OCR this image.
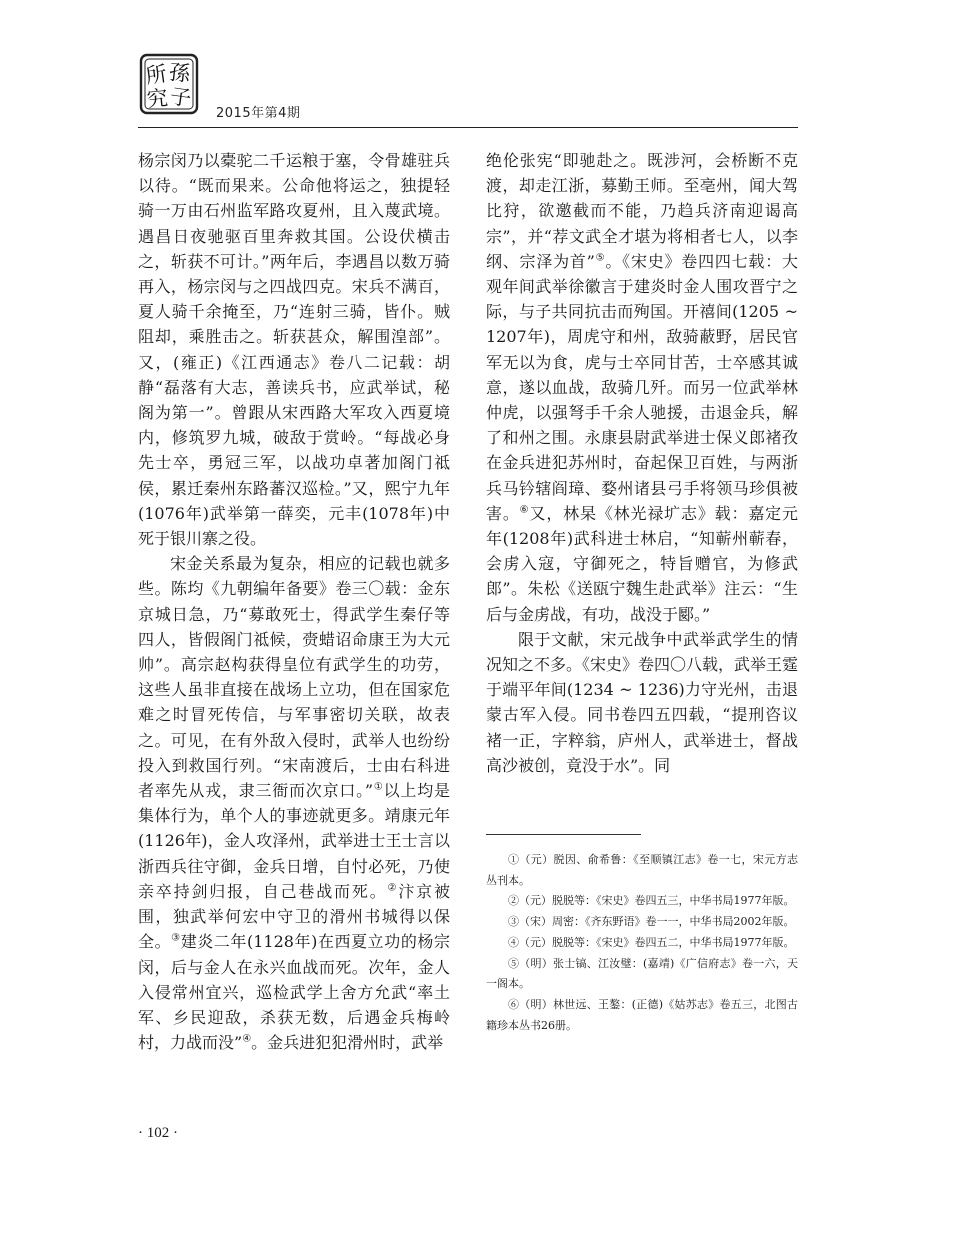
所 孫
究 子
2015年第4期

杨宗闵乃以橐驼二千运粮于塞，令骨雄驻兵以待。“既而果来。公命他将运之，独提轻骑一万由石州监军路攻夏州，且入蔑武境。遇昌日夜驰驱百里奔救其国。公设伏横击之，斩获不可计。”两年后，李遇昌以数万骑再入，杨宗闵与之四战四克。宋兵不满百，夏人骑千余掩至，乃“连射三骑，皆仆。贼阻却，乘胜击之。斩获甚众，解围湟部”。又，(雍正)《江西通志》卷八二记载：胡静“磊落有大志，善读兵书，应武举试，秘阁为第一”。曾跟从宋西路大军攻入西夏境内，修筑罗九城，破敌于赏岭。“每战必身先士卒，勇冠三军，以战功卓著加阁门祗侯，累迁秦州东路蕃汉巡检。”又，熙宁九年(1076年)武举第一薛奕，元丰(1078年)中死于银川寨之役。

宋金关系最为复杂，相应的记载也就多些。陈均《九朝编年备要》卷三〇载：金东京城日急，乃“募敢死士，得武学生秦仔等四人，皆假阁门祗候，赍蜡诏命康王为大元帅”。高宗赵构获得皇位有武学生的功劳，这些人虽非直接在战场上立功，但在国家危难之时冒死传信，与军事密切关联，故表之。可见，在有外敌入侵时，武举人也纷纷投入到救国行列。“宋南渡后，士由右科进者率先从戎，隶三衙而次京口。”①以上均是集体行为，单个人的事迹就更多。靖康元年(1126年)，金人攻泽州，武举进士王士言以浙西兵往守御，金兵日增，自忖必死，乃使亲卒持剑归报，自己巷战而死。②汴京被围，独武举何宏中守卫的滑州书城得以保全。③建炎二年(1128年)在西夏立功的杨宗闵，后与金人在永兴血战而死。次年，金人入侵常州宜兴，巡检武学上舍方允武“率土军、乡民迎敌，杀获无数，后遇金兵梅岭村，力战而没”④。金兵进犯犯滑州时，武举

绝伦张宪“即驰赴之。既涉河，会桥断不克渡，却走江浙，募勤王师。至亳州，闻大驾比狩，欲邀截而不能，乃趋兵济南迎谒高宗”，并“荐文武全才堪为将相者七人，以李纲、宗泽为首”⑤。《宋史》卷四四七载：大观年间武举徐徽言于建炎时金人围攻晋宁之际，与子共同抗击而殉国。开禧间(1205 ~ 1207年)，周虎守和州，敌骑蔽野，居民官军无以为食，虎与士卒同甘苦，士卒感其诚意，遂以血战，敌骑几歼。而另一位武举林仲虎，以强弩手千余人驰援，击退金兵，解了和州之围。永康县尉武举进士保义郎褚孜在金兵进犯苏州时，奋起保卫百姓，与两浙兵马钤辖阎璋、婺州诸县弓手将领马珍俱被害。⑥又，林杲《林光禄圹志》载：嘉定元年(1208年)武科进士林启，“知蕲州蕲春，会虏入寇，守御死之，特旨赠官，为修武郎”。朱松《送瓯宁魏生赴武举》注云：“生后与金虏战，有功，战没于郾。”

限于文献，宋元战争中武举武学生的情况知之不多。《宋史》卷四〇八载，武举王霆于端平年间(1234 ~ 1236)力守光州，击退蒙古军入侵。同书卷四五四载，“提刑咨议褚一正，字粹翁，庐州人，武举进士，督战高沙被创，竟没于水”。同

①（元）脱因、俞希鲁：《至顺镇江志》卷一七，宋元方志丛刊本。

②（元）脱脱等：《宋史》卷四五三，中华书局1977年版。

③（宋）周密：《齐东野语》卷一一，中华书局2002年版。

④（元）脱脱等：《宋史》卷四五二，中华书局1977年版。

⑤（明）张士镐、江汝璧：(嘉靖)《广信府志》卷一六，天一阁本。

⑥（明）林世远、王鏊：(正德)《姑苏志》卷五三，北图古籍珍本丛书26册。

· 102 ·
